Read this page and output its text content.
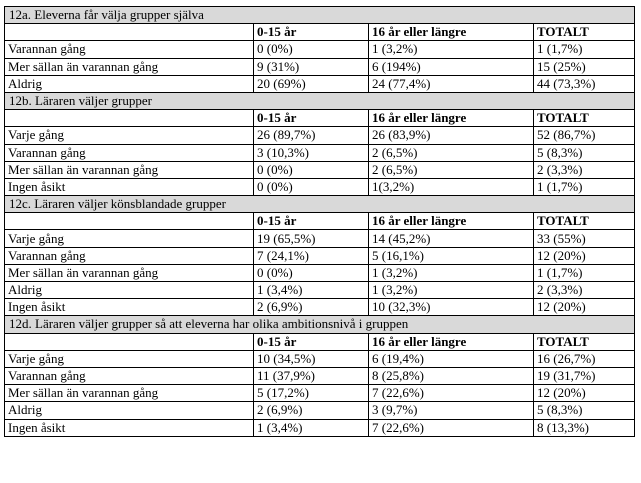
12a. Eleverna får välja grupper själva			
	0-15 år	16 år eller längre	TOTALT
Varannan gång	0 (0%)	1 (3,2%)	1 (1,7%)
Mer sällan än varannan gång	9 (31%)	6 (194%)	15 (25%)
Aldrig	20 (69%)	24 (77,4%)	44 (73,3%)
12b. Läraren väljer grupper			
	0-15 år	16 år eller längre	TOTALT
Varje gång	26 (89,7%)	26 (83,9%)	52 (86,7%)
Varannan gång	3 (10,3%)	2 (6,5%)	5 (8,3%)
Mer sällan än varannan gång	0 (0%)	2 (6,5%)	2 (3,3%)
Ingen åsikt	0 (0%)	1(3,2%)	1 (1,7%)
12c. Läraren väljer könsblandade grupper			
	0-15 år	16 år eller längre	TOTALT
Varje gång	19 (65,5%)	14 (45,2%)	33 (55%)
Varannan gång	7 (24,1%)	5 (16,1%)	12 (20%)
Mer sällan än varannan gång	0 (0%)	1 (3,2%)	1 (1,7%)
Aldrig	1 (3,4%)	1 (3,2%)	2 (3,3%)
Ingen åsikt	2 (6,9%)	10 (32,3%)	12 (20%)
12d. Läraren väljer grupper så att eleverna har olika ambitionsnivå i gruppen			
	0-15 år	16 år eller längre	TOTALT
Varje gång	10 (34,5%)	6 (19,4%)	16 (26,7%)
Varannan gång	11 (37,9%)	8 (25,8%)	19 (31,7%)
Mer sällan än varannan gång	5 (17,2%)	7 (22,6%)	12 (20%)
Aldrig	2 (6,9%)	3 (9,7%)	5 (8,3%)
Ingen åsikt	1 (3,4%)	7 (22,6%)	8 (13,3%)
